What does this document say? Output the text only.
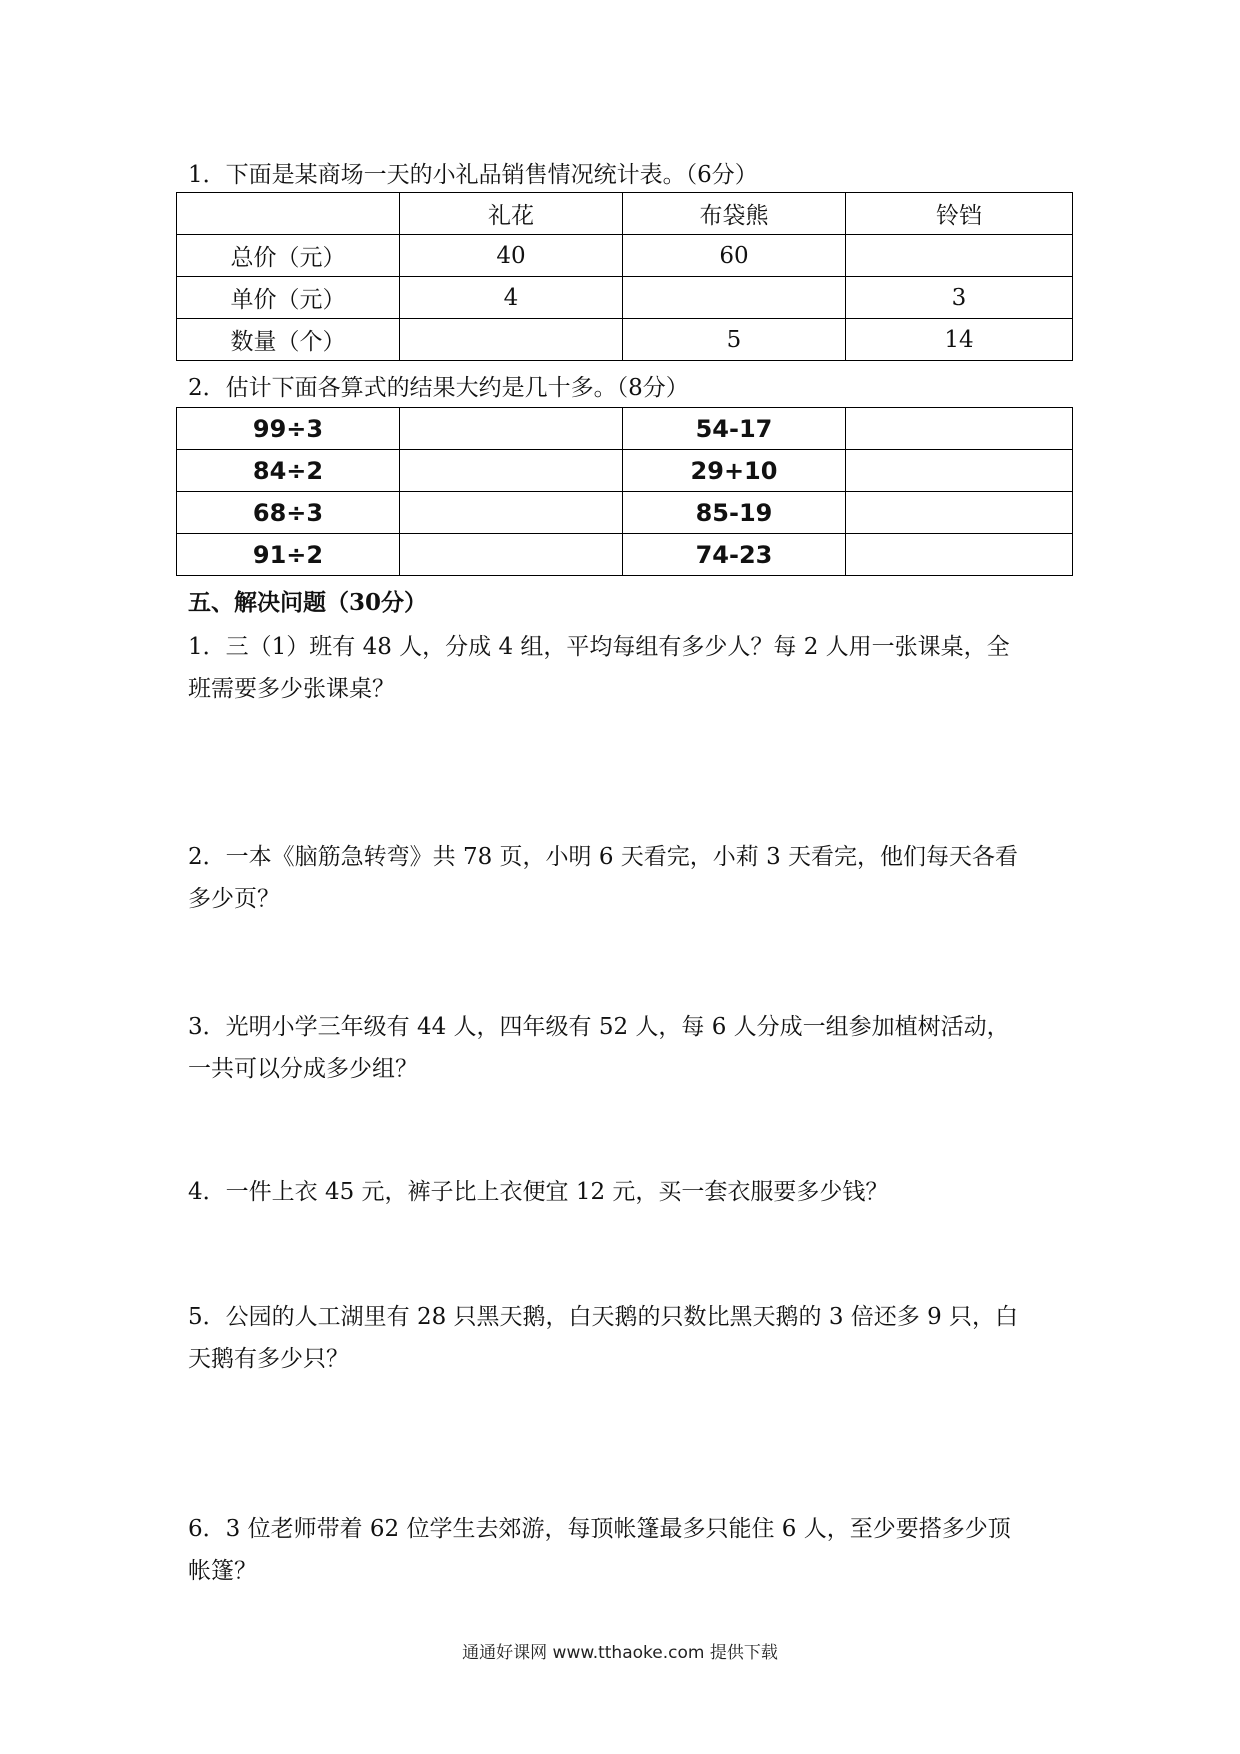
1．下面是某商场一天的小礼品销售情况统计表。（6分）
	礼花	布袋熊	铃铛
总价（元）	40	60	
单价（元）	4		3
数量（个）		5	14
2．估计下面各算式的结果大约是几十多。（8分）
99÷3		54-17	
84÷2		29+10	
68÷3		85-19	
91÷2		74-23	
五、解决问题（30分）
1．三（1）班有 48 人，分成 4 组，平均每组有多少人？每 2 人用一张课桌，全
班需要多少张课桌？
2．一本《脑筋急转弯》共 78 页，小明 6 天看完，小莉 3 天看完，他们每天各看
多少页？
3．光明小学三年级有 44 人，四年级有 52 人，每 6 人分成一组参加植树活动，
一共可以分成多少组？
4．一件上衣 45 元，裤子比上衣便宜 12 元，买一套衣服要多少钱？
5．公园的人工湖里有 28 只黑天鹅，白天鹅的只数比黑天鹅的 3 倍还多 9 只，白
天鹅有多少只？
6．3 位老师带着 62 位学生去郊游，每顶帐篷最多只能住 6 人，至少要搭多少顶
帐篷？
通通好课网 www.tthaoke.com 提供下载
